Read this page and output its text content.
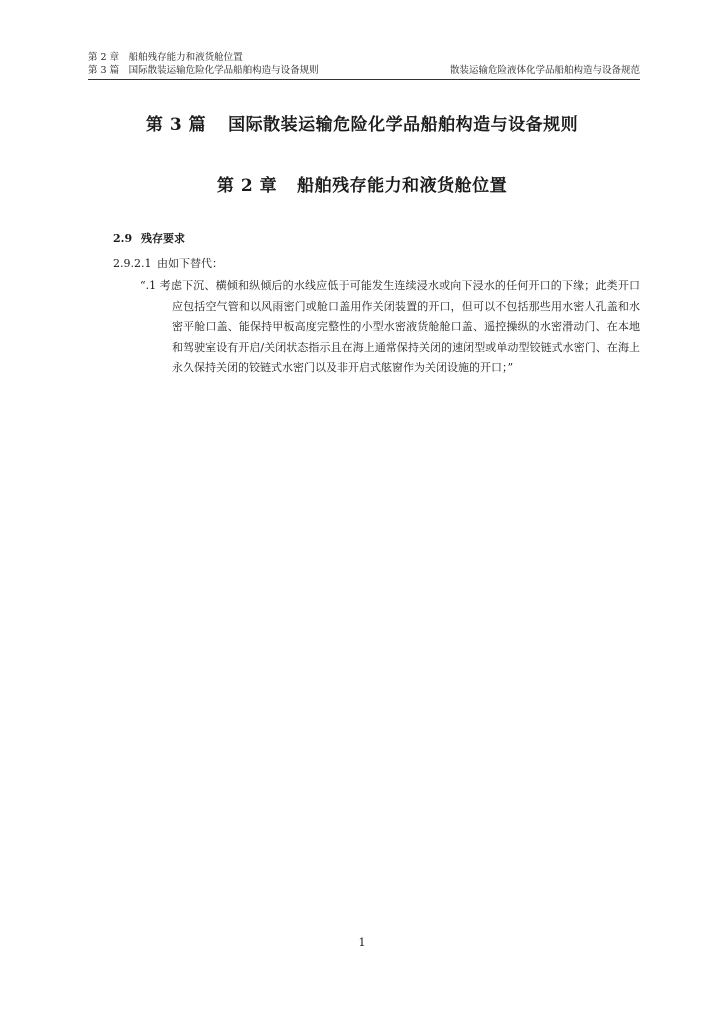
第 2 章　船舶残存能力和液货舱位置
第 3 篇　国际散装运输危险化学品船舶构造与设备规则	散装运输危险液体化学品船舶构造与设备规范
第 3 篇 国际散装运输危险化学品船舶构造与设备规则
第 2 章 船舶残存能力和液货舱位置
2.9 残存要求
2.9.2.1 由如下替代：

“.1 考虑下沉、横倾和纵倾后的水线应低于可能发生连续浸水或向下浸水的任何开口的下缘；此类开口应包括空气管和以风雨密门或舱口盖用作关闭装置的开口，但可以不包括那些用水密人孔盖和水密平舱口盖、能保持甲板高度完整性的小型水密液货舱舱口盖、遥控操纵的水密滑动门、在本地和驾驶室设有开启/关闭状态指示且在海上通常保持关闭的速闭型或单动型铰链式水密门、在海上永久保持关闭的铰链式水密门以及非开启式舷窗作为关闭设施的开口；”

1
